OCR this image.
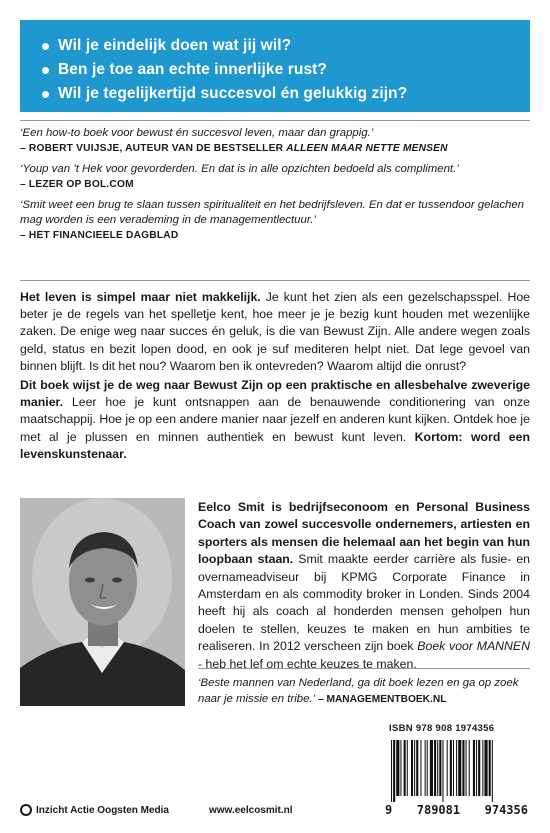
Wil je eindelijk doen wat jij wil?
Ben je toe aan echte innerlijke rust?
Wil je tegelijkertijd succesvol én gelukkig zijn?
‘Een how-to boek voor bewust én succesvol leven, maar dan grappig.’
– ROBERT VUIJSJE, AUTEUR VAN DE BESTSELLER ALLEEN MAAR NETTE MENSEN
‘Youp van ’t Hek voor gevorderden. En dat is in alle opzichten bedoeld als compliment.’
– LEZER OP BOL.COM
‘Smit weet een brug te slaan tussen spiritualiteit en het bedrijfsleven. En dat er tussendoor gelachen mag worden is een verademing in de managementlectuur.’
– HET FINANCIEELE DAGBLAD

Het leven is simpel maar niet makkelijk. Je kunt het zien als een gezelschapsspel. Hoe beter je de regels van het spelletje kent, hoe meer je je bezig kunt houden met wezenlijke zaken. De enige weg naar succes én geluk, is die van Bewust Zijn. Alle andere wegen zoals geld, status en bezit lopen dood, en ook je suf mediteren helpt niet. Dat lege gevoel van binnen blijft. Is dit het nou? Waarom ben ik ontevreden? Waarom altijd die onrust?

Dit boek wijst je de weg naar Bewust Zijn op een praktische en allesbehalve zweverige manier. Leer hoe je kunt ontsnappen aan de benauwende conditionering van onze maatschappij. Hoe je op een andere manier naar jezelf en anderen kunt kijken. Ontdek hoe je met al je plussen en minnen authentiek en bewust kunt leven. Kortom: word een levenskunstenaar.

Eelco Smit is bedrijfseconoom en Personal Business Coach van zowel succesvolle ondernemers, artiesten en sporters als mensen die helemaal aan het begin van hun loopbaan staan. Smit maakte eerder carrière als fusie- en overnameadviseur bij KPMG Corporate Finance in Amsterdam en als commodity broker in Londen. Sinds 2004 heeft hij als coach al honderden mensen geholpen hun doelen te stellen, keuzes te maken en hun ambities te realiseren. In 2012 verscheen zijn boek Boek voor MANNEN - heb het lef om echte keuzes te maken.
‘Beste mannen van Nederland, ga dit boek lezen en ga op zoek naar je missie en tribe.’ – MANAGEMENTBOEK.NL
ISBN 978 908 1974356
9 789081 974356
Inzicht Actie Oogsten Media	www.eelcosmit.nl
